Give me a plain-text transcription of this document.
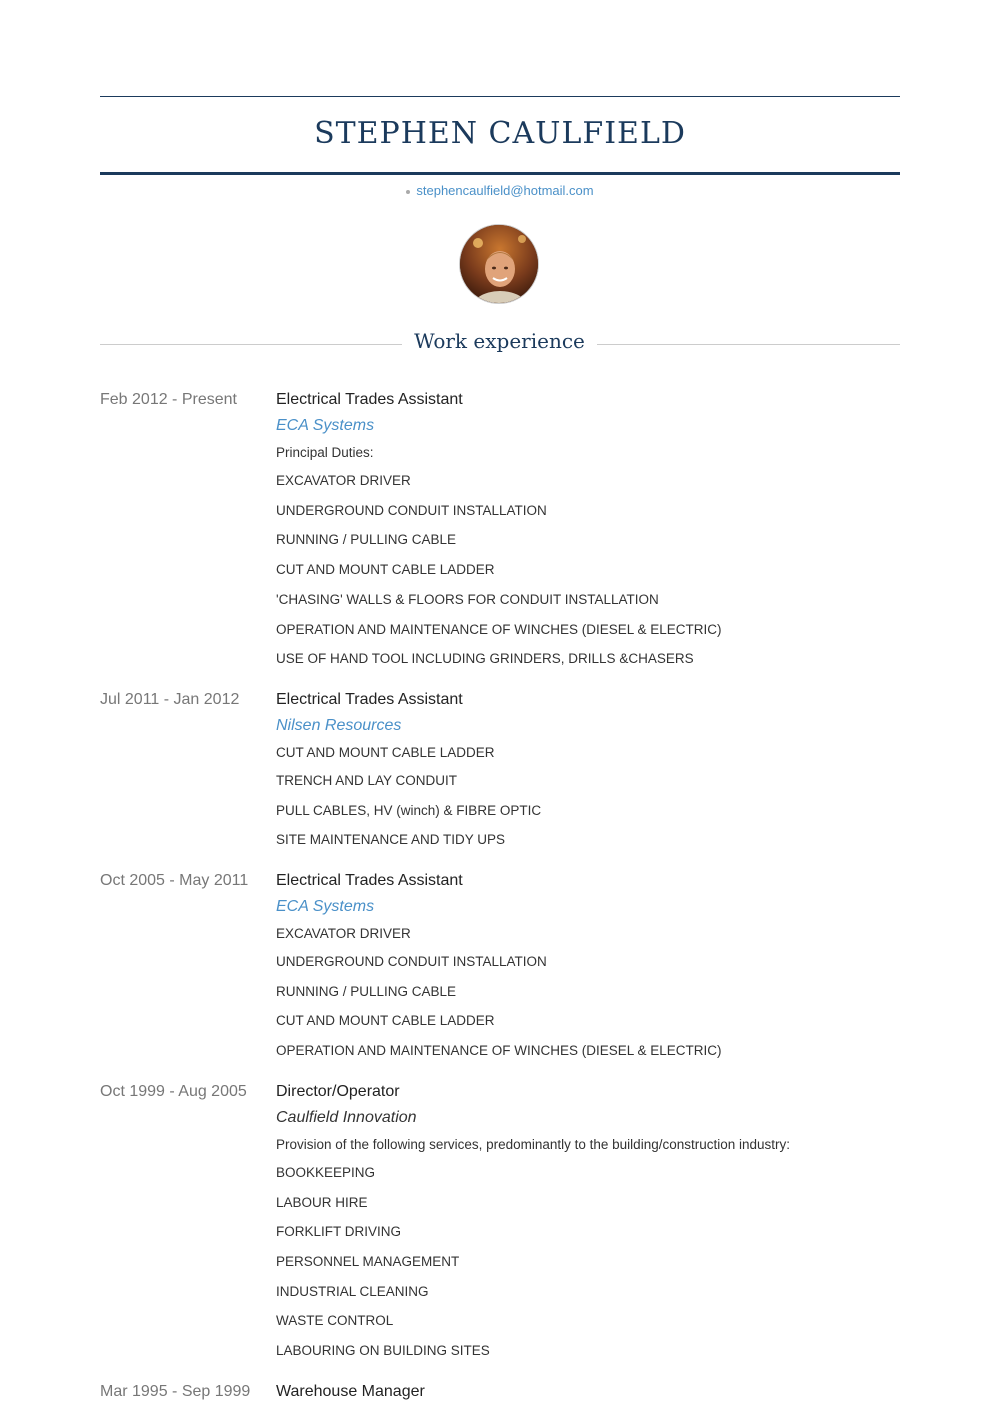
STEPHEN CAULFIELD
stephencaulfield@hotmail.com
Work experience
Feb 2012 - Present	Electrical Trades Assistant
ECA Systems
Principal Duties:
EXCAVATOR DRIVER
UNDERGROUND CONDUIT INSTALLATION
RUNNING / PULLING CABLE
CUT AND MOUNT CABLE LADDER
'CHASING' WALLS & FLOORS FOR CONDUIT INSTALLATION
OPERATION AND MAINTENANCE OF WINCHES (DIESEL & ELECTRIC)
USE OF HAND TOOL INCLUDING GRINDERS, DRILLS &CHASERS
Jul 2011 - Jan 2012	Electrical Trades Assistant
Nilsen Resources
CUT AND MOUNT CABLE LADDER
TRENCH AND LAY CONDUIT
PULL CABLES, HV (winch) & FIBRE OPTIC
SITE MAINTENANCE AND TIDY UPS
Oct 2005 - May 2011	Electrical Trades Assistant
ECA Systems
EXCAVATOR DRIVER
UNDERGROUND CONDUIT INSTALLATION
RUNNING / PULLING CABLE
CUT AND MOUNT CABLE LADDER
OPERATION AND MAINTENANCE OF WINCHES (DIESEL & ELECTRIC)
Oct 1999 - Aug 2005	Director/Operator
Caulfield Innovation
Provision of the following services, predominantly to the building/construction industry:
BOOKKEEPING
LABOUR HIRE
FORKLIFT DRIVING
PERSONNEL MANAGEMENT
INDUSTRIAL CLEANING
WASTE CONTROL
LABOURING ON BUILDING SITES
Mar 1995 - Sep 1999	Warehouse Manager
